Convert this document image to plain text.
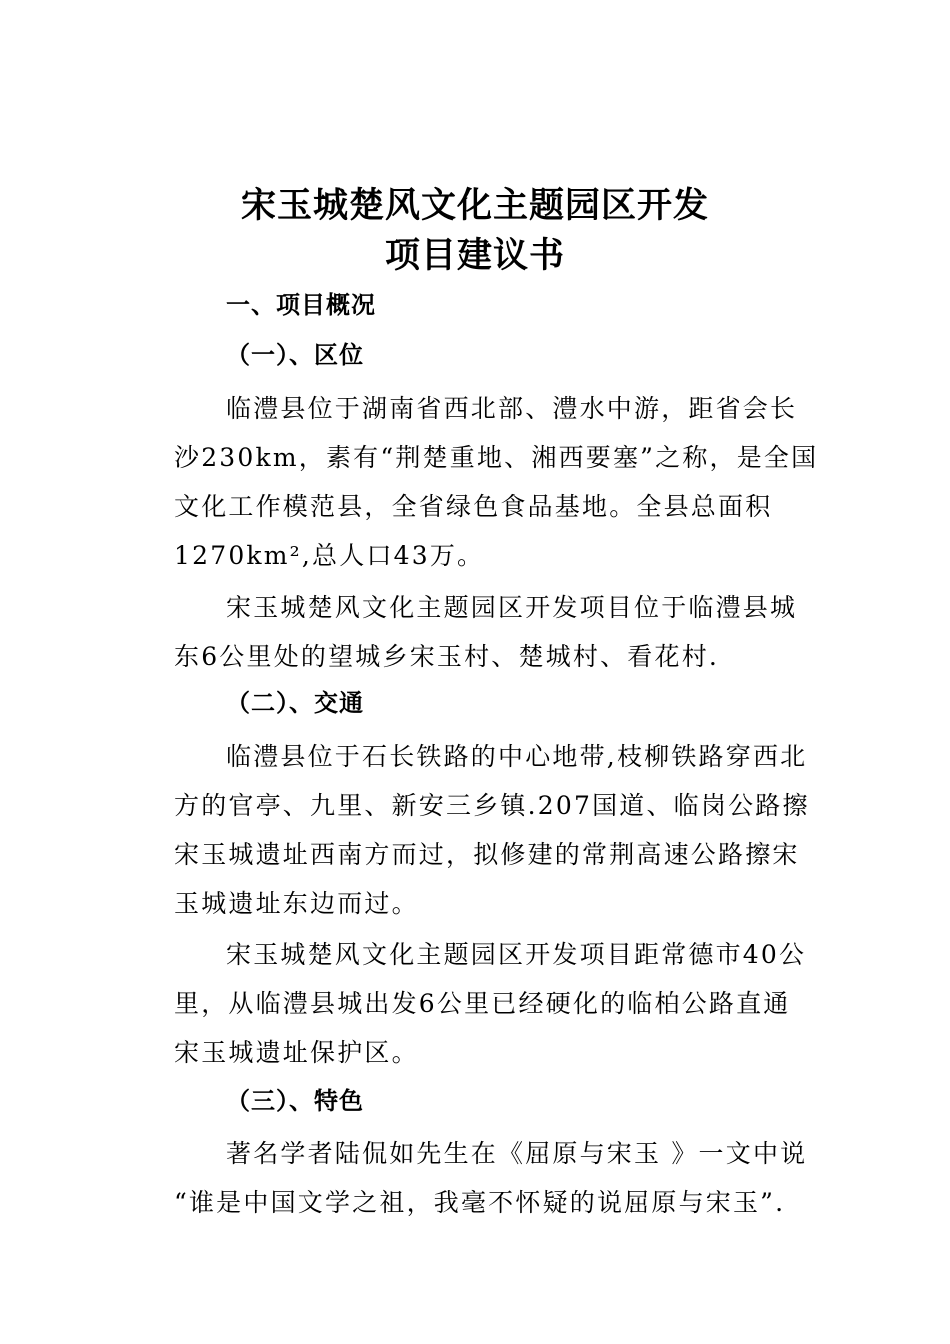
宋玉城楚风文化主题园区开发
项目建议书
一、项目概况
（一）、区位
临澧县位于湖南省西北部、澧水中游，距省会长
沙230km，素有“荆楚重地、湘西要塞”之称，是全国
文化工作模范县，全省绿色食品基地。全县总面积
1270km²,总人口43万。
宋玉城楚风文化主题园区开发项目位于临澧县城
东6公里处的望城乡宋玉村、楚城村、看花村.
（二）、交通
临澧县位于石长铁路的中心地带,枝柳铁路穿西北
方的官亭、九里、新安三乡镇.207国道、临岗公路擦
宋玉城遗址西南方而过，拟修建的常荆高速公路擦宋
玉城遗址东边而过。
宋玉城楚风文化主题园区开发项目距常德市40公
里，从临澧县城出发6公里已经硬化的临柏公路直通
宋玉城遗址保护区。
（三）、特色
著名学者陆侃如先生在《屈原与宋玉 》一文中说
“谁是中国文学之祖，我毫不怀疑的说屈原与宋玉”.
